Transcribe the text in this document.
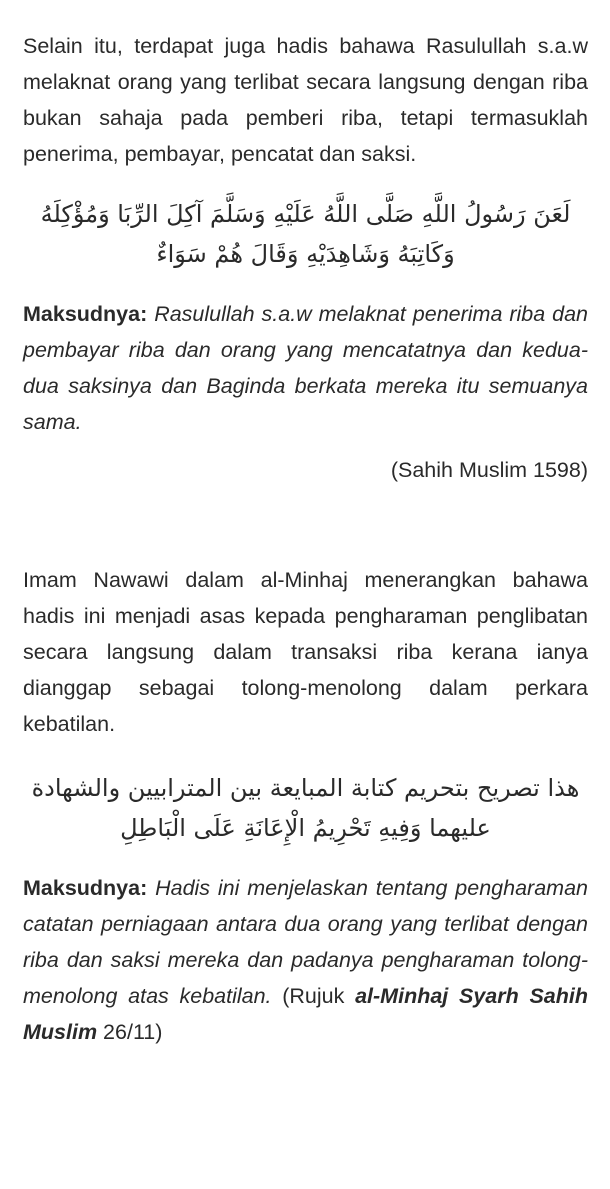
Selain itu, terdapat juga hadis bahawa Rasulullah s.a.w melaknat orang yang terlibat secara langsung dengan riba bukan sahaja pada pemberi riba, tetapi termasuklah penerima, pembayar, pencatat dan saksi.

لَعَنَ رَسُولُ اللَّهِ صَلَّى اللَّهُ عَلَيْهِ وَسَلَّمَ آكِلَ الرِّبَا وَمُؤْكِلَهُ

وَكَاتِبَهُ وَشَاهِدَيْهِ وَقَالَ هُمْ سَوَاءٌ

Maksudnya: Rasulullah s.a.w melaknat penerima riba dan pembayar riba dan orang yang mencatatnya dan kedua-dua saksinya dan Baginda berkata mereka itu semuanya sama.

(Sahih Muslim 1598)

Imam Nawawi dalam al-Minhaj menerangkan bahawa hadis ini menjadi asas kepada pengharaman penglibatan secara langsung dalam transaksi riba kerana ianya dianggap sebagai tolong-menolong dalam perkara kebatilan.

هذا تصريح بتحريم كتابة المبايعة بين المترابيين والشهادة

عليهما وَفِيهِ تَحْرِيمُ الْإِعَانَةِ عَلَى الْبَاطِلِ

Maksudnya: Hadis ini menjelaskan tentang pengharaman catatan perniagaan antara dua orang yang terlibat dengan riba dan saksi mereka dan padanya pengharaman tolong-menolong atas kebatilan. (Rujuk al-Minhaj Syarh Sahih Muslim 26/11)
